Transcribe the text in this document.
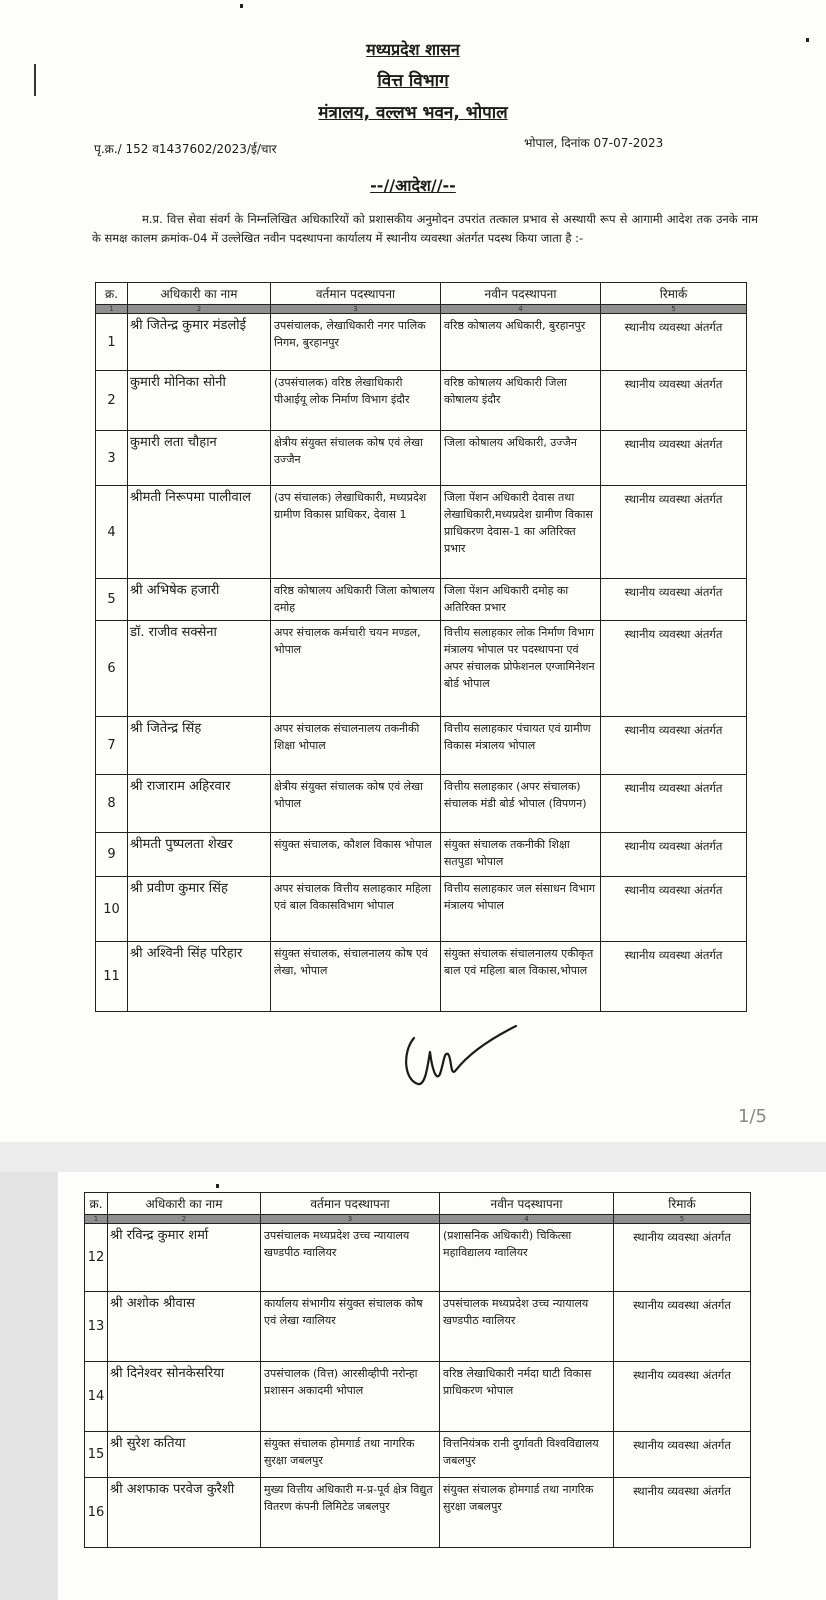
मध्यप्रदेश शासन
वित्त विभाग
मंत्रालय, वल्लभ भवन, भोपाल
पृ.क्र./ 152 व1437602/2023/ई/चार	भोपाल, दिनांक 07-07-2023
--//आदेश//--
म.प्र. वित्त सेवा संवर्ग के निम्नलिखित अधिकारियों को प्रशासकीय अनुमोदन उपरांत तत्काल प्रभाव से अस्थायी रूप से आगामी आदेश तक उनके नाम के समक्ष कालम क्रमांक-04 में उल्लेखित नवीन पदस्थापना कार्यालय में स्थानीय व्यवस्था अंतर्गत पदस्थ किया जाता है :-
क्र.	अधिकारी का नाम	वर्तमान पदस्थापना	नवीन पदस्थापना	रिमार्क
1	2	3	4	5
1	श्री जितेन्द्र कुमार मंडलोई	उपसंचालक, लेखाधिकारी नगर पालिक निगम, बुरहानपुर	वरिष्ठ कोषालय अधिकारी, बुरहानपुर	स्थानीय व्यवस्था अंतर्गत
2	कुमारी मोनिका सोनी	(उपसंचालक) वरिष्ठ लेखाधिकारी पीआईयू लोक निर्माण विभाग इंदौर	वरिष्ठ कोषालय अधिकारी जिला कोषालय इंदौर	स्थानीय व्यवस्था अंतर्गत
3	कुमारी लता चौहान	क्षेत्रीय संयुक्त संचालक कोष एवं लेखा उज्जैन	जिला कोषालय अधिकारी, उज्जैन	स्थानीय व्यवस्था अंतर्गत
4	श्रीमती निरूपमा पालीवाल	(उप संचालक) लेखाधिकारी, मध्यप्रदेश ग्रामीण विकास प्राधिकर, देवास 1	जिला पेंशन अधिकारी देवास तथा लेखाधिकारी,मध्यप्रदेश ग्रामीण विकास प्राधिकरण देवास-1 का अतिरिक्त प्रभार	स्थानीय व्यवस्था अंतर्गत
5	श्री अभिषेक हजारी	वरिष्ठ कोषालय अधिकारी जिला कोषालय दमोह	जिला पेंशन अधिकारी दमोह का अतिरिक्त प्रभार	स्थानीय व्यवस्था अंतर्गत
6	डॉ. राजीव सक्सेना	अपर संचालक कर्मचारी चयन मण्डल, भोपाल	वित्तीय सलाहकार लोक निर्माण विभाग मंत्रालय भोपाल पर पदस्थापना एवं अपर संचालक प्रोफेशनल एग्जामिनेशन बोर्ड भोपाल	स्थानीय व्यवस्था अंतर्गत
7	श्री जितेन्द्र सिंह	अपर संचालक संचालनालय तकनीकी शिक्षा भोपाल	वित्तीय सलाहकार पंचायत एवं ग्रामीण विकास मंत्रालय भोपाल	स्थानीय व्यवस्था अंतर्गत
8	श्री राजाराम अहिरवार	क्षेत्रीय संयुक्त संचालक कोष एवं लेखा भोपाल	वित्तीय सलाहकार (अपर संचालक) संचालक मंडी बोर्ड भोपाल (विपणन)	स्थानीय व्यवस्था अंतर्गत
9	श्रीमती पुष्पलता शेखर	संयुक्त संचालक, कौशल विकास भोपाल	संयुक्त संचालक तकनीकी शिक्षा सतपुडा भोपाल	स्थानीय व्यवस्था अंतर्गत
10	श्री प्रवीण कुमार सिंह	अपर संचालक वित्तीय सलाहकार महिला एवं बाल विकासविभाग भोपाल	वित्तीय सलाहकार जल संसाधन विभाग मंत्रालय भोपाल	स्थानीय व्यवस्था अंतर्गत
11	श्री अश्विनी सिंह परिहार	संयुक्त संचालक, संचालनालय कोष एवं लेखा, भोपाल	संयुक्त संचालक संचालनालय एकीकृत बाल एवं महिला बाल विकास,भोपाल	स्थानीय व्यवस्था अंतर्गत
1/5
क्र.	अधिकारी का नाम	वर्तमान पदस्थापना	नवीन पदस्थापना	रिमार्क
1	2	3	4	5
12	श्री रविन्द्र कुमार शर्मा	उपसंचालक मध्यप्रदेश उच्च न्यायालय खण्डपीठ ग्वालियर	(प्रशासनिक अधिकारी) चिकित्सा महाविद्यालय ग्वालियर	स्थानीय व्यवस्था अंतर्गत
13	श्री अशोक श्रीवास	कार्यालय संभागीय संयुक्त संचालक कोष एवं लेखा ग्वालियर	उपसंचालक मध्यप्रदेश उच्च न्यायालय खण्डपीठ ग्वालियर	स्थानीय व्यवस्था अंतर्गत
14	श्री दिनेश्वर सोनकेसरिया	उपसंचालक (वित्त) आरसीव्हीपी नरोन्हा प्रशासन अकादमी भोपाल	वरिष्ठ लेखाधिकारी नर्मदा घाटी विकास प्राधिकरण भोपाल	स्थानीय व्यवस्था अंतर्गत
15	श्री सुरेश कतिया	संयुक्त संचालक होमगार्ड तथा नागरिक सुरक्षा जबलपुर	वित्तनियंत्रक रानी दुर्गावती विश्वविद्यालय जबलपुर	स्थानीय व्यवस्था अंतर्गत
16	श्री अशफाक परवेज कुरैशी	मुख्य वित्तीय अधिकारी म-प्र-पूर्व क्षेत्र विद्युत वितरण कंपनी लिमिटेड जबलपुर	संयुक्त संचालक होमगार्ड तथा नागरिक सुरक्षा जबलपुर	स्थानीय व्यवस्था अंतर्गत
